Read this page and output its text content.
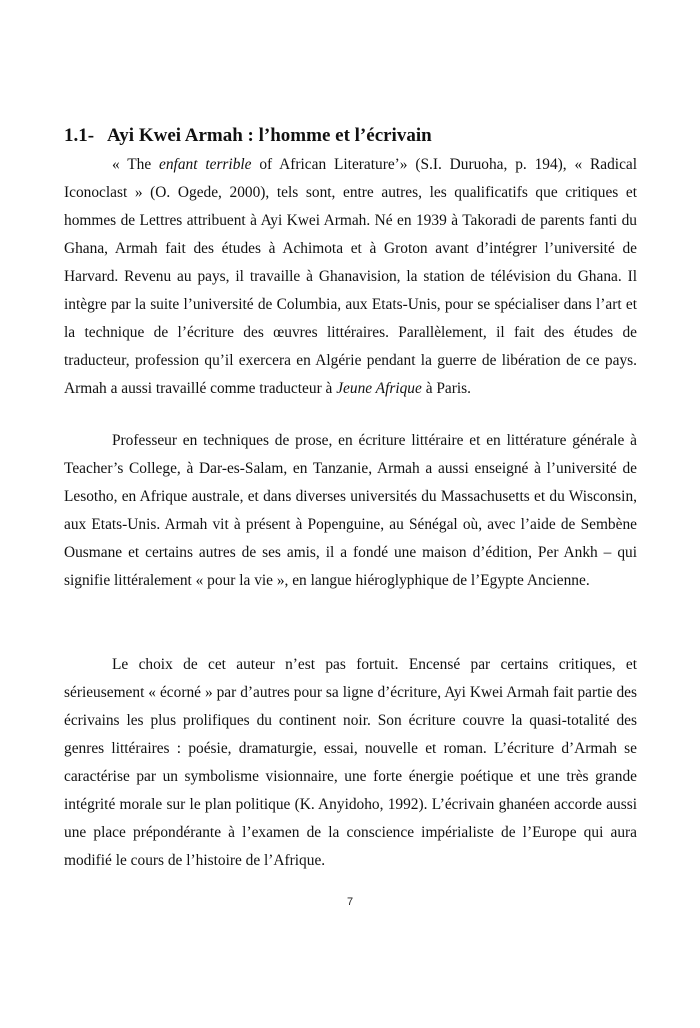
1.1- Ayi Kwei Armah : l’homme et l’écrivain

« The enfant terrible of African Literature’» (S.I. Duruoha, p. 194), « Radical Iconoclast » (O. Ogede, 2000), tels sont, entre autres, les qualificatifs que critiques et hommes de Lettres attribuent à Ayi Kwei Armah. Né en 1939 à Takoradi de parents fanti du Ghana, Armah fait des études à Achimota et à Groton avant d’intégrer l’université de Harvard. Revenu au pays, il travaille à Ghanavision, la station de télévision du Ghana. Il intègre par la suite l’université de Columbia, aux Etats-Unis, pour se spécialiser dans l’art et la technique de l’écriture des œuvres littéraires. Parallèlement, il fait des études de traducteur, profession qu’il exercera en Algérie pendant la guerre de libération de ce pays. Armah a aussi travaillé comme traducteur à Jeune Afrique à Paris.

Professeur en techniques de prose, en écriture littéraire et en littérature générale à Teacher’s College, à Dar-es-Salam, en Tanzanie, Armah a aussi enseigné à l’université de Lesotho, en Afrique australe, et dans diverses universités du Massachusetts et du Wisconsin, aux Etats-Unis. Armah vit à présent à Popenguine, au Sénégal où, avec l’aide de Sembène Ousmane et certains autres de ses amis, il a fondé une maison d’édition, Per Ankh – qui signifie littéralement « pour la vie », en langue hiéroglyphique de l’Egypte Ancienne.

Le choix de cet auteur n’est pas fortuit. Encensé par certains critiques, et sérieusement « écorné » par d’autres pour sa ligne d’écriture, Ayi Kwei Armah fait partie des écrivains les plus prolifiques du continent noir. Son écriture couvre la quasi-totalité des genres littéraires : poésie, dramaturgie, essai, nouvelle et roman. L’écriture d’Armah se caractérise par un symbolisme visionnaire, une forte énergie poétique et une très grande intégrité morale sur le plan politique (K. Anyidoho, 1992). L’écrivain ghanéen accorde aussi une place prépondérante à l’examen de la conscience impérialiste de l’Europe qui aura modifié le cours de l’histoire de l’Afrique.

7
